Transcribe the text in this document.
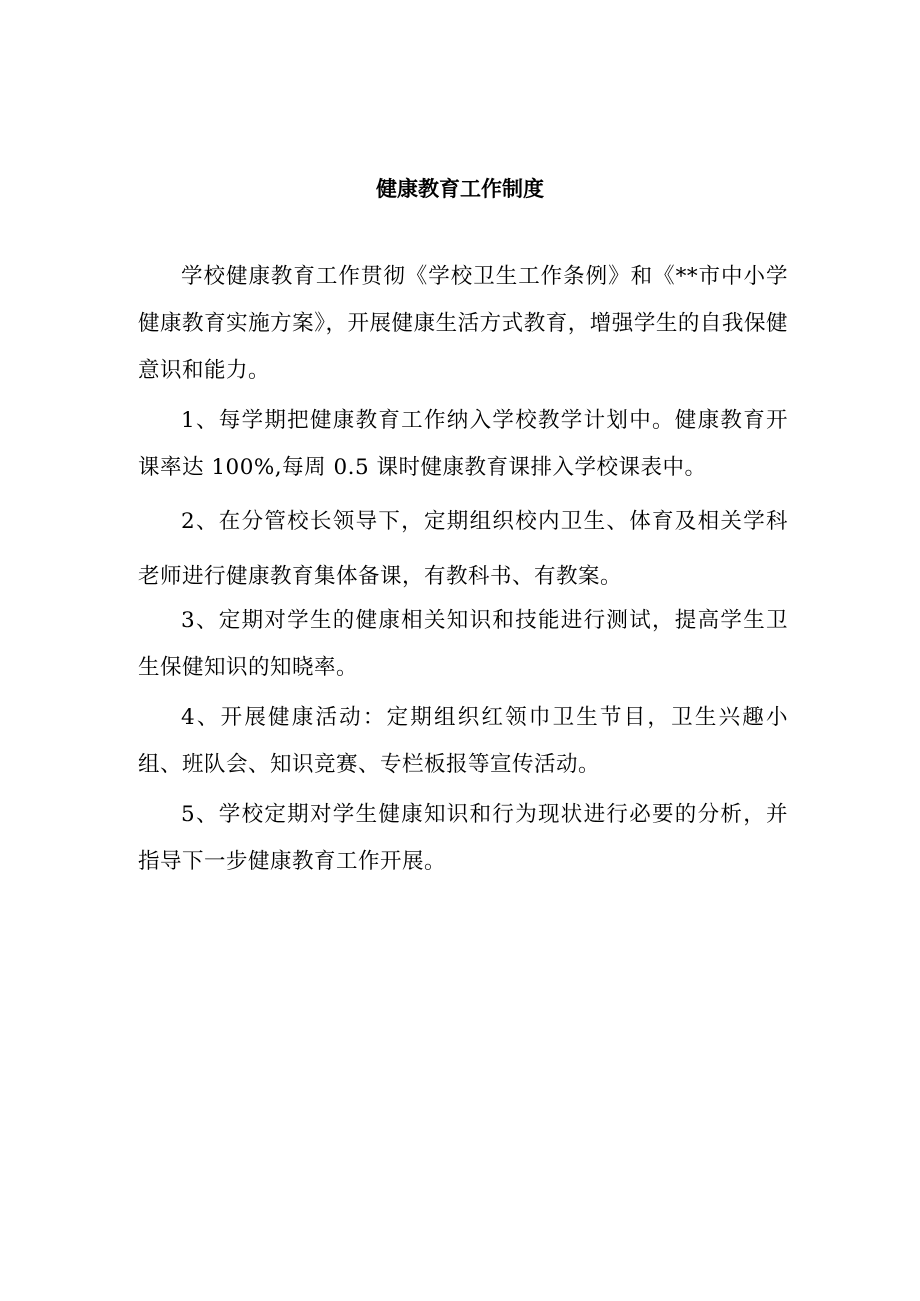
健康教育工作制度

学校健康教育工作贯彻《学校卫生工作条例》和《**市中小学健康教育实施方案》，开展健康生活方式教育，增强学生的自我保健意识和能力。

1、每学期把健康教育工作纳入学校教学计划中。健康教育开课率达 100%,每周 0.5 课时健康教育课排入学校课表中。

2、在分管校长领导下，定期组织校内卫生、体育及相关学科老师进行健康教育集体备课，有教科书、有教案。

3、定期对学生的健康相关知识和技能进行测试，提高学生卫生保健知识的知晓率。

4、开展健康活动：定期组织红领巾卫生节目，卫生兴趣小组、班队会、知识竞赛、专栏板报等宣传活动。

5、学校定期对学生健康知识和行为现状进行必要的分析，并指导下一步健康教育工作开展。
